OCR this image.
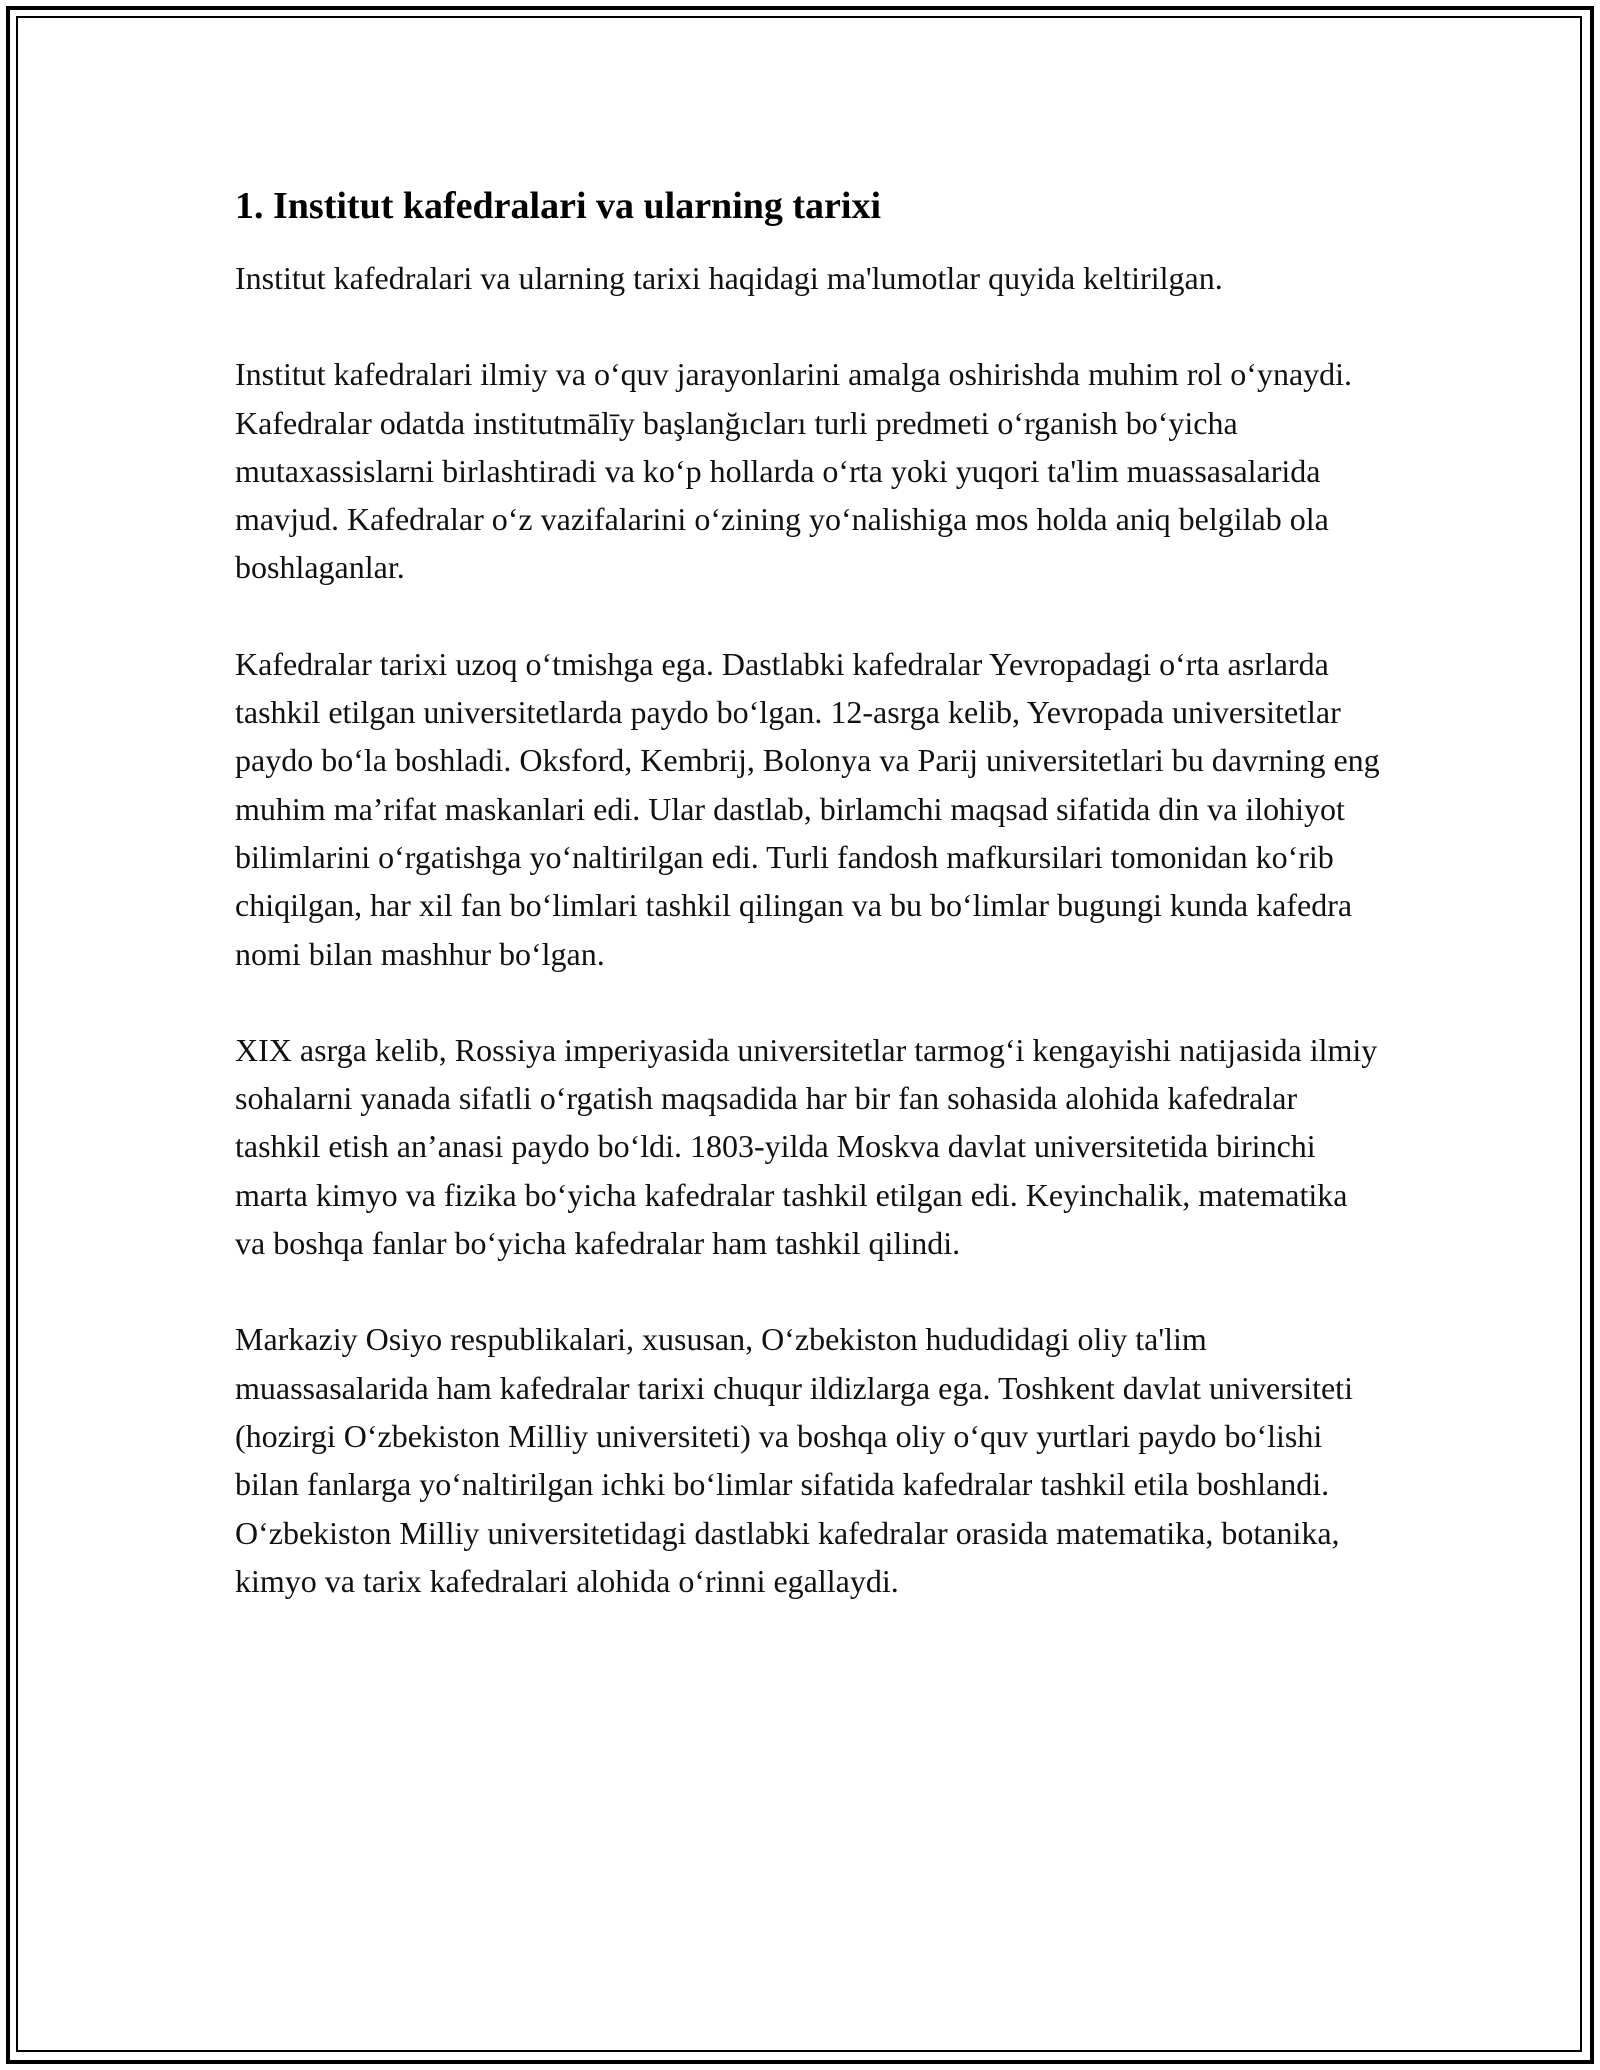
1. Institut kafedralari va ularning tarixi

Institut kafedralari va ularning tarixi haqidagi ma'lumotlar quyida keltirilgan.

Institut kafedralari ilmiy va o‘quv jarayonlarini amalga oshirishda muhim rol o‘ynaydi. Kafedralar odatda institutmālīy başlanğıcları turli predmeti o‘rganish bo‘yicha mutaxassislarni birlashtiradi va ko‘p hollarda o‘rta yoki yuqori ta'lim muassasalarida mavjud. Kafedralar o‘z vazifalarini o‘zining yo‘nalishiga mos holda aniq belgilab ola boshlaganlar.

Kafedralar tarixi uzoq o‘tmishga ega. Dastlabki kafedralar Yevropadagi o‘rta asrlarda tashkil etilgan universitetlarda paydo bo‘lgan. 12-asrga kelib, Yevropada universitetlar paydo bo‘la boshladi. Oksford, Kembrij, Bolonya va Parij universitetlari bu davrning eng muhim ma’rifat maskanlari edi. Ular dastlab, birlamchi maqsad sifatida din va ilohiyot bilimlarini o‘rgatishga yo‘naltirilgan edi. Turli fandosh mafkursilari tomonidan ko‘rib chiqilgan, har xil fan bo‘limlari tashkil qilingan va bu bo‘limlar bugungi kunda kafedra nomi bilan mashhur bo‘lgan.

XIX asrga kelib, Rossiya imperiyasida universitetlar tarmog‘i kengayishi natijasida ilmiy sohalarni yanada sifatli o‘rgatish maqsadida har bir fan sohasida alohida kafedralar tashkil etish an’anasi paydo bo‘ldi. 1803-yilda Moskva davlat universitetida birinchi marta kimyo va fizika bo‘yicha kafedralar tashkil etilgan edi. Keyinchalik, matematika va boshqa fanlar bo‘yicha kafedralar ham tashkil qilindi.

Markaziy Osiyo respublikalari, xususan, O‘zbekiston hududidagi oliy ta'lim muassasalarida ham kafedralar tarixi chuqur ildizlarga ega. Toshkent davlat universiteti (hozirgi O‘zbekiston Milliy universiteti) va boshqa oliy o‘quv yurtlari paydo bo‘lishi bilan fanlarga yo‘naltirilgan ichki bo‘limlar sifatida kafedralar tashkil etila boshlandi. O‘zbekiston Milliy universitetidagi dastlabki kafedralar orasida matematika, botanika, kimyo va tarix kafedralari alohida o‘rinni egallaydi.
